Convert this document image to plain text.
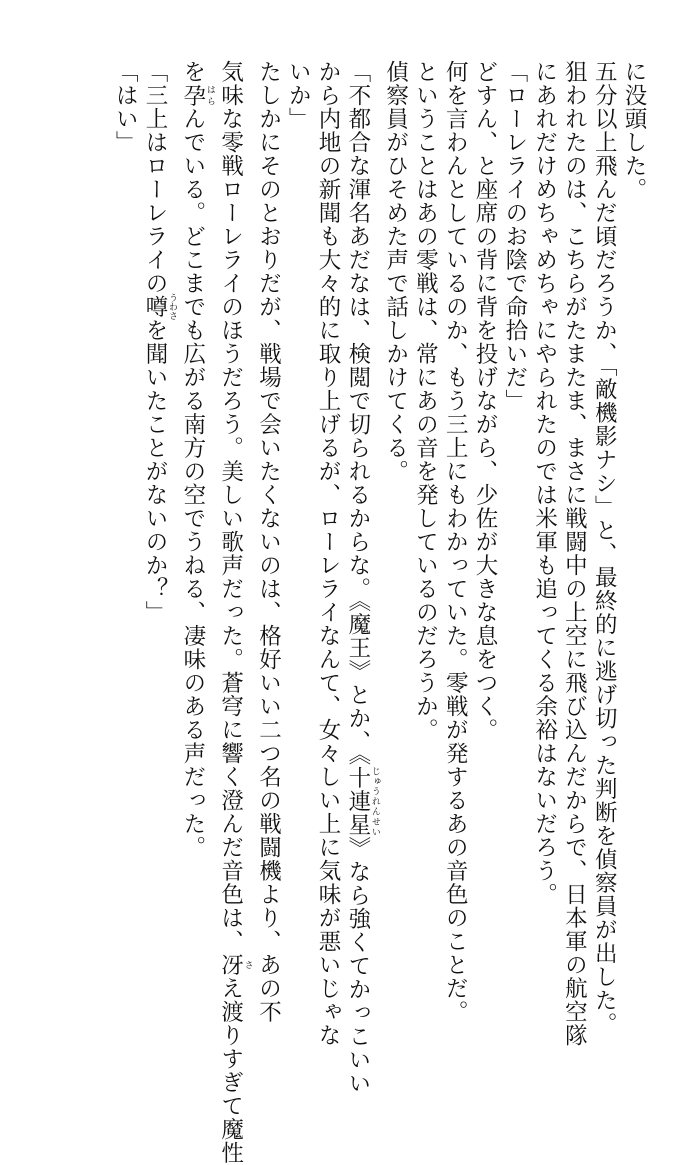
に没頭した。
五分以上飛んだ頃だろうか、「敵機影ナシ」と、最終的に逃げ切った判断を偵察員が出した。
狙われたのは、こちらがたまたま、まさに戦闘中の上空に飛び込んだからで、日本軍の航空隊
にあれだけめちゃめちゃにやられたのでは米軍も追ってくる余裕はないだろう。
「ローレライのお陰で命拾いだ」
どすん、と座席の背に背を投げながら、少佐が大きな息をつく。
何を言わんとしているのか、もう三上にもわかっていた。零戦が発するあの音色のことだ。
ということはあの零戦は、常にあの音を発しているのだろうか。
偵察員がひそめた声で話しかけてくる。
「不都合な渾名あだなは、検閲で切られるからな。《魔王》とか、《十連星 じゅうれんせい》なら強くてかっこいい
から内地の新聞も大々的に取り上げるが、ローレライなんて、女々しい上に気味が悪いじゃな
いか」
たしかにそのとおりだが、戦場で会いたくないのは、格好いい二つ名の戦闘機より、あの不
気味な零戦ローレライのほうだろう。美しい歌声だった。蒼穹に響く澄んだ音色は、冴 さえ渡りすぎて魔性
を孕 はらんでいる。どこまでも広がる南方の空でうねる、凄味のある声だった。
「三上はローレライの噂 うわさを聞いたことがないのか？」
「はい」
